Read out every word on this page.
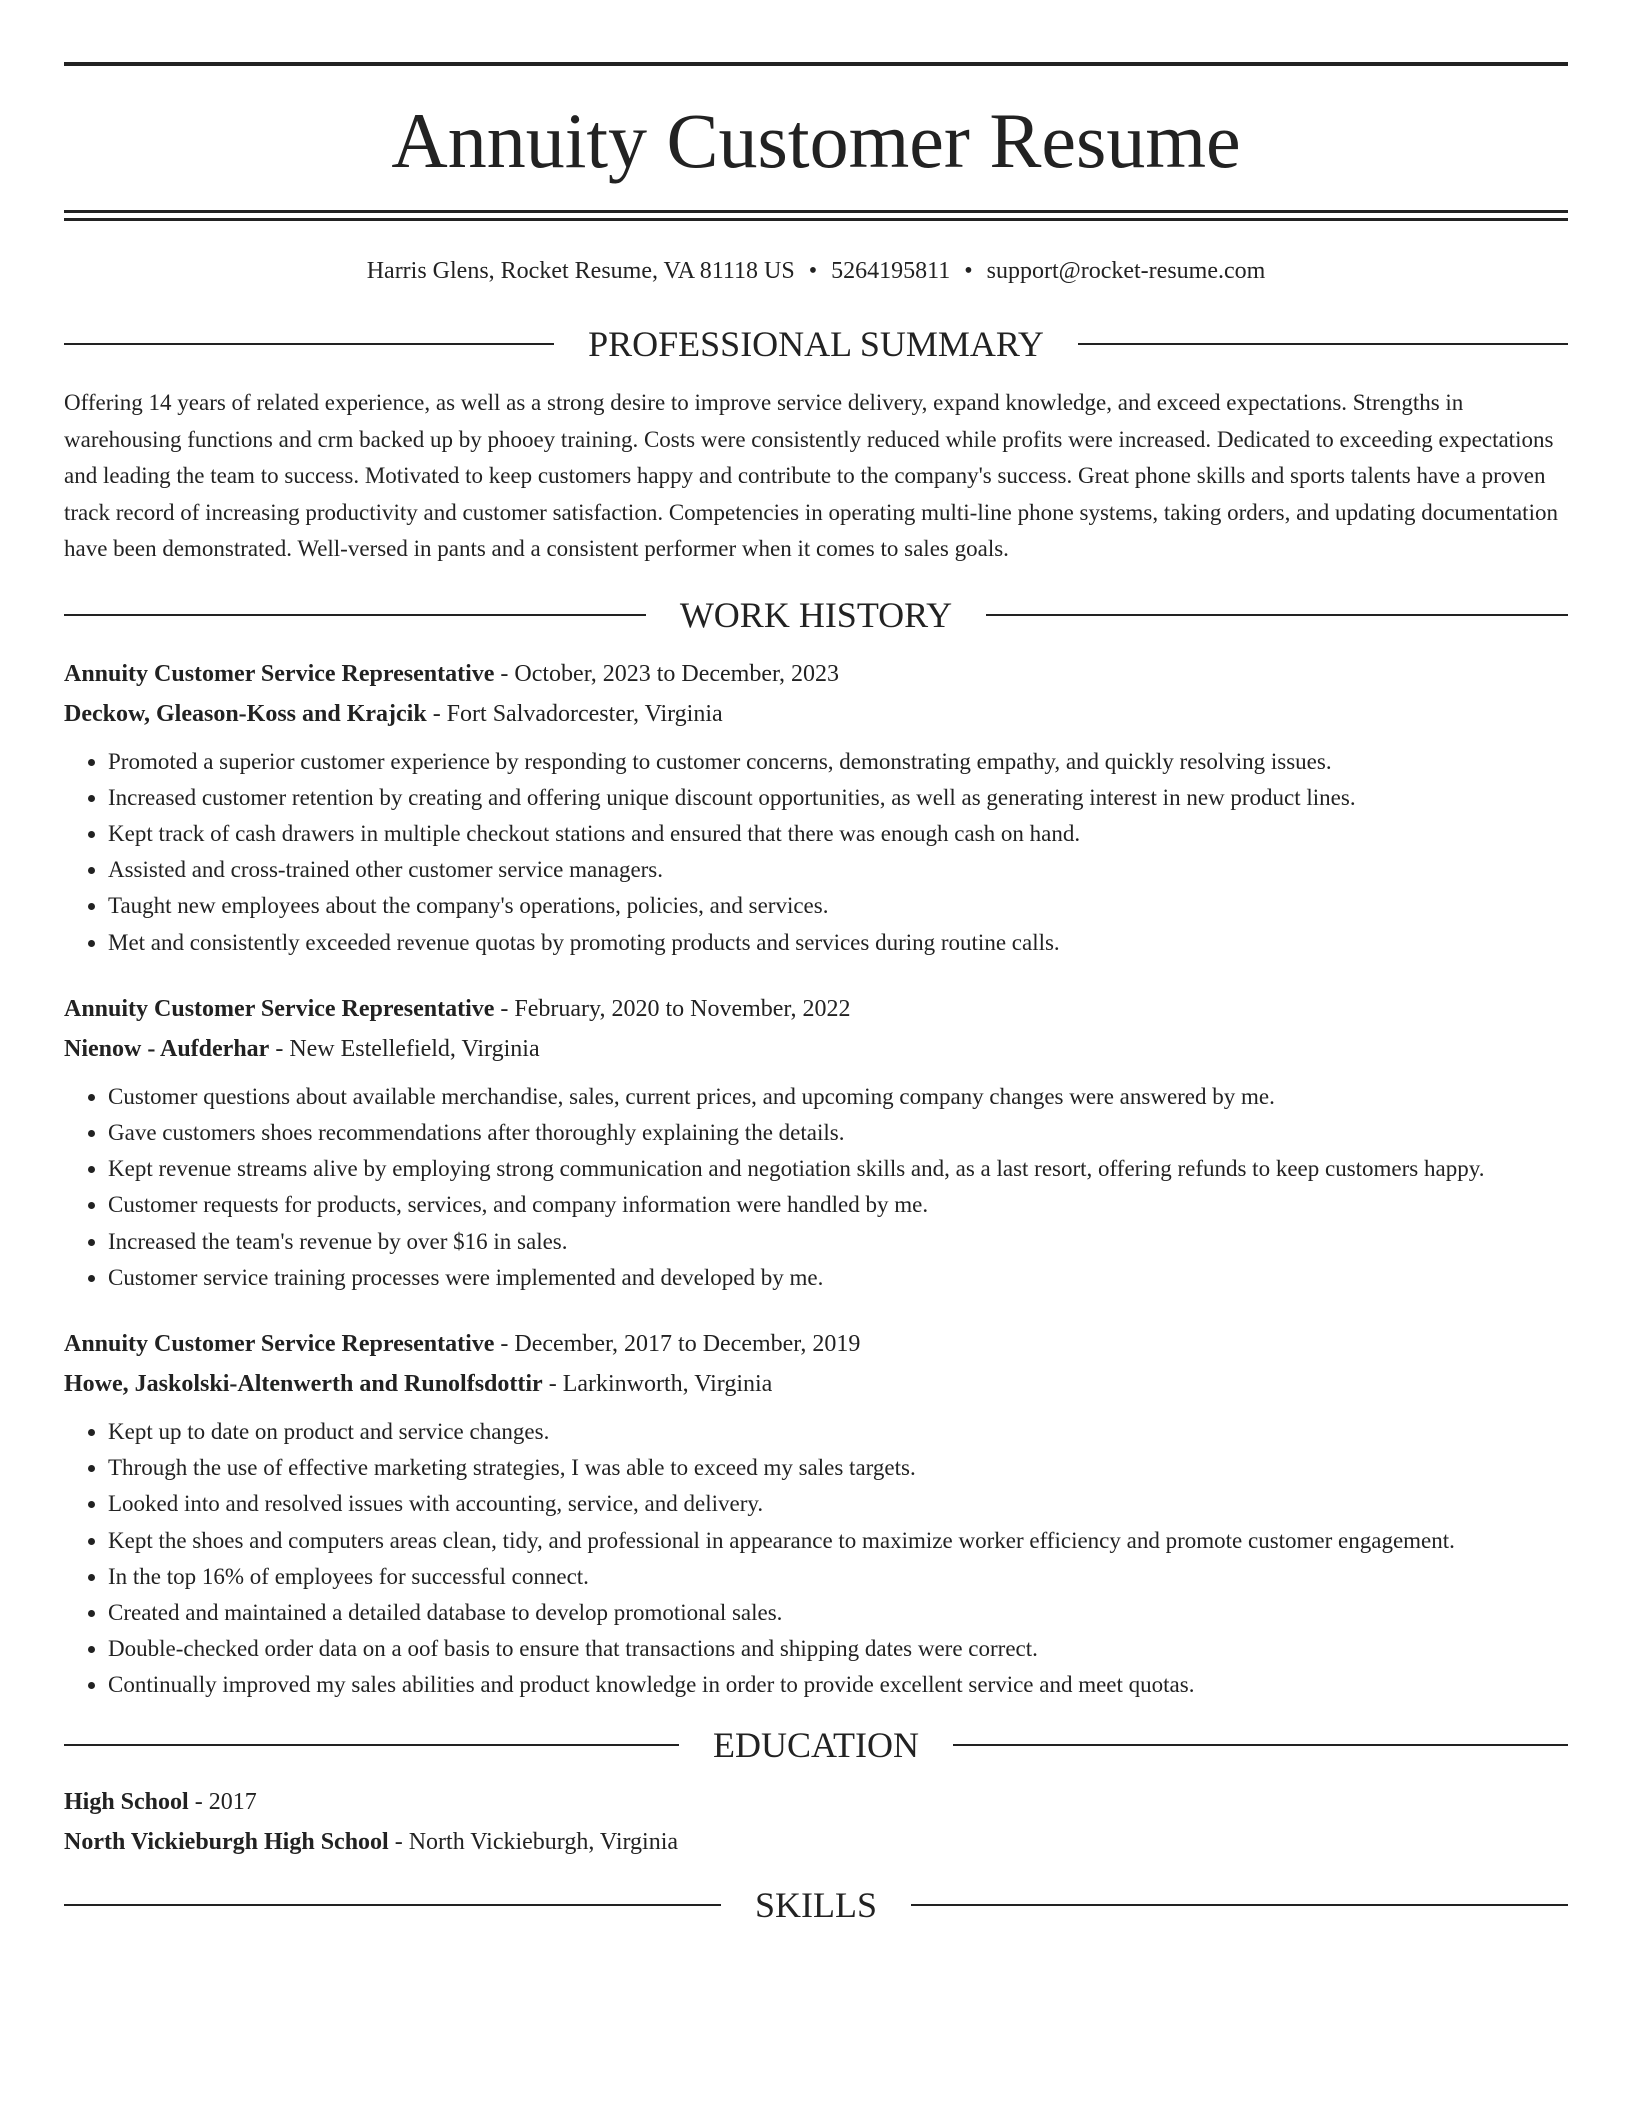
Annuity Customer Resume
Harris Glens, Rocket Resume, VA 81118 US • 5264195811 • support@rocket-resume.com
PROFESSIONAL SUMMARY

Offering 14 years of related experience, as well as a strong desire to improve service delivery, expand knowledge, and exceed expectations. Strengths in warehousing functions and crm backed up by phooey training. Costs were consistently reduced while profits were increased. Dedicated to exceeding expectations and leading the team to success. Motivated to keep customers happy and contribute to the company's success. Great phone skills and sports talents have a proven track record of increasing productivity and customer satisfaction. Competencies in operating multi-line phone systems, taking orders, and updating documentation have been demonstrated. Well-versed in pants and a consistent performer when it comes to sales goals.

WORK HISTORY
Annuity Customer Service Representative - October, 2023 to December, 2023
Deckow, Gleason-Koss and Krajcik - Fort Salvadorcester, Virginia
• Promoted a superior customer experience by responding to customer concerns, demonstrating empathy, and quickly resolving issues.
• Increased customer retention by creating and offering unique discount opportunities, as well as generating interest in new product lines.
• Kept track of cash drawers in multiple checkout stations and ensured that there was enough cash on hand.
• Assisted and cross-trained other customer service managers.
• Taught new employees about the company's operations, policies, and services.
• Met and consistently exceeded revenue quotas by promoting products and services during routine calls.
Annuity Customer Service Representative - February, 2020 to November, 2022
Nienow - Aufderhar - New Estellefield, Virginia
• Customer questions about available merchandise, sales, current prices, and upcoming company changes were answered by me.
• Gave customers shoes recommendations after thoroughly explaining the details.
• Kept revenue streams alive by employing strong communication and negotiation skills and, as a last resort, offering refunds to keep customers happy.
• Customer requests for products, services, and company information were handled by me.
• Increased the team's revenue by over $16 in sales.
• Customer service training processes were implemented and developed by me.
Annuity Customer Service Representative - December, 2017 to December, 2019
Howe, Jaskolski-Altenwerth and Runolfsdottir - Larkinworth, Virginia
• Kept up to date on product and service changes.
• Through the use of effective marketing strategies, I was able to exceed my sales targets.
• Looked into and resolved issues with accounting, service, and delivery.
• Kept the shoes and computers areas clean, tidy, and professional in appearance to maximize worker efficiency and promote customer engagement.
• In the top 16% of employees for successful connect.
• Created and maintained a detailed database to develop promotional sales.
• Double-checked order data on a oof basis to ensure that transactions and shipping dates were correct.
• Continually improved my sales abilities and product knowledge in order to provide excellent service and meet quotas.
EDUCATION
High School - 2017
North Vickieburgh High School - North Vickieburgh, Virginia
SKILLS
